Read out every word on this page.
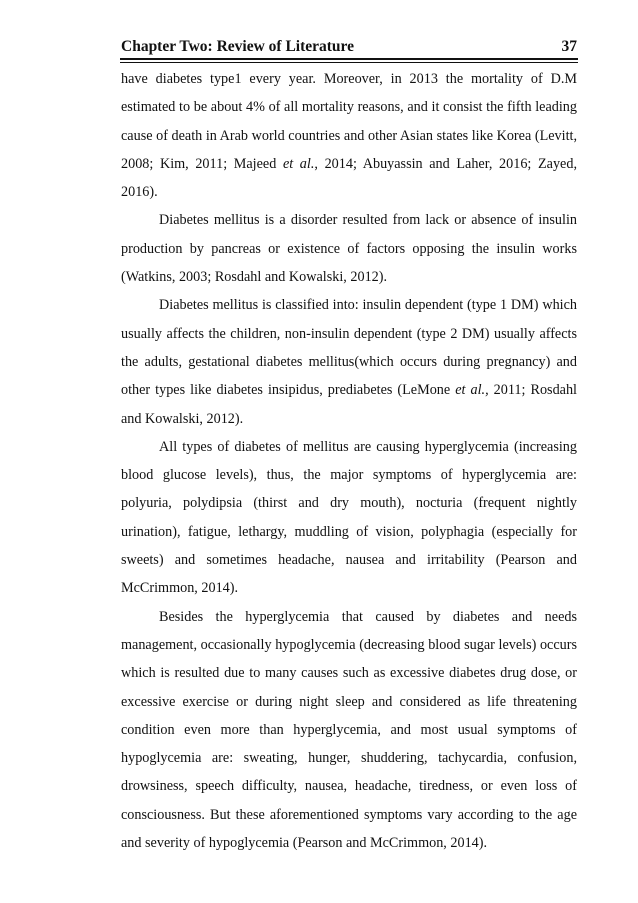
Chapter Two: Review of Literature	37

have diabetes type1 every year. Moreover, in 2013 the mortality of D.M estimated to be about 4% of all mortality reasons, and it consist the fifth leading cause of death in Arab world countries and other Asian states like Korea (Levitt, 2008; Kim, 2011; Majeed et al., 2014; Abuyassin and Laher, 2016; Zayed, 2016).

Diabetes mellitus is a disorder resulted from lack or absence of insulin production by pancreas or existence of factors opposing the insulin works (Watkins, 2003; Rosdahl and Kowalski, 2012).

Diabetes mellitus is classified into: insulin dependent (type 1 DM) which usually affects the children, non-insulin dependent (type 2 DM) usually affects the adults, gestational diabetes mellitus(which occurs during pregnancy) and other types like diabetes insipidus, prediabetes (LeMone et al., 2011; Rosdahl and Kowalski, 2012).

All types of diabetes of mellitus are causing hyperglycemia (increasing blood glucose levels), thus, the major symptoms of hyperglycemia are: polyuria, polydipsia (thirst and dry mouth), nocturia (frequent nightly urination), fatigue, lethargy, muddling of vision, polyphagia (especially for sweets) and sometimes headache, nausea and irritability (Pearson and McCrimmon, 2014).

Besides the hyperglycemia that caused by diabetes and needs management, occasionally hypoglycemia (decreasing blood sugar levels) occurs which is resulted due to many causes such as excessive diabetes drug dose, or excessive exercise or during night sleep and considered as life threatening condition even more than hyperglycemia, and most usual symptoms of hypoglycemia are: sweating, hunger, shuddering, tachycardia, confusion, drowsiness, speech difficulty, nausea, headache, tiredness, or even loss of consciousness. But these aforementioned symptoms vary according to the age and severity of hypoglycemia (Pearson and McCrimmon, 2014).
